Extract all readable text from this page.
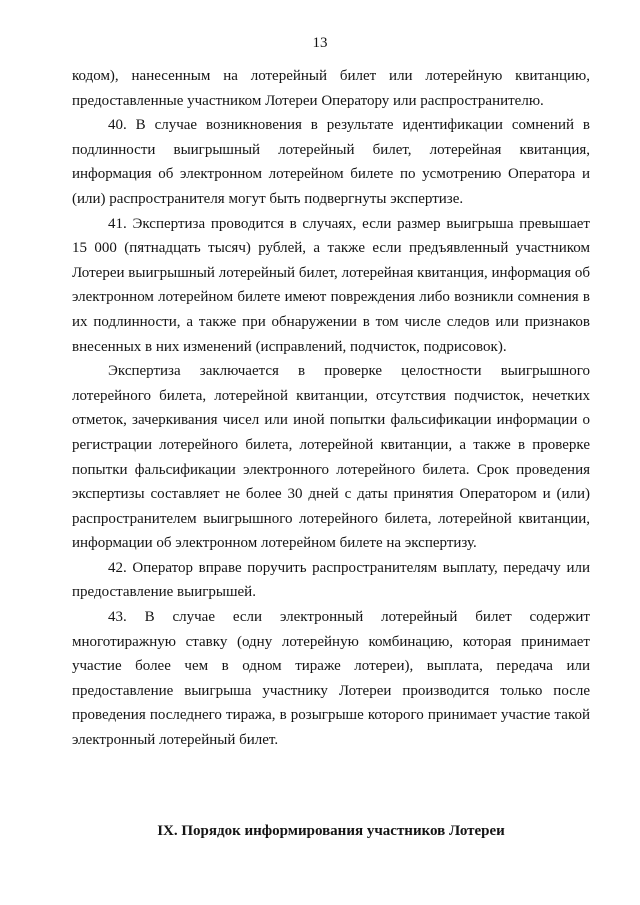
13

кодом), нанесенным на лотерейный билет или лотерейную квитанцию, предоставленные участником Лотереи Оператору или распространителю.

40. В случае возникновения в результате идентификации сомнений в подлинности выигрышный лотерейный билет, лотерейная квитанция, информация об электронном лотерейном билете по усмотрению Оператора и (или) распространителя могут быть подвергнуты экспертизе.

41. Экспертиза проводится в случаях, если размер выигрыша превышает 15 000 (пятнадцать тысяч) рублей, а также если предъявленный участником Лотереи выигрышный лотерейный билет, лотерейная квитанция, информация об электронном лотерейном билете имеют повреждения либо возникли сомнения в их подлинности, а также при обнаружении в том числе следов или признаков внесенных в них изменений (исправлений, подчисток, подрисовок).

Экспертиза заключается в проверке целостности выигрышного лотерейного билета, лотерейной квитанции, отсутствия подчисток, нечетких отметок, зачеркивания чисел или иной попытки фальсификации информации о регистрации лотерейного билета, лотерейной квитанции, а также в проверке попытки фальсификации электронного лотерейного билета. Срок проведения экспертизы составляет не более 30 дней с даты принятия Оператором и (или) распространителем выигрышного лотерейного билета, лотерейной квитанции, информации об электронном лотерейном билете на экспертизу.

42. Оператор вправе поручить распространителям выплату, передачу или предоставление выигрышей.

43. В случае если электронный лотерейный билет содержит многотиражную ставку (одну лотерейную комбинацию, которая принимает участие более чем в одном тираже лотереи), выплата, передача или предоставление выигрыша участнику Лотереи производится только после проведения последнего тиража, в розыгрыше которого принимает участие такой электронный лотерейный билет.

IX. Порядок информирования участников Лотереи
